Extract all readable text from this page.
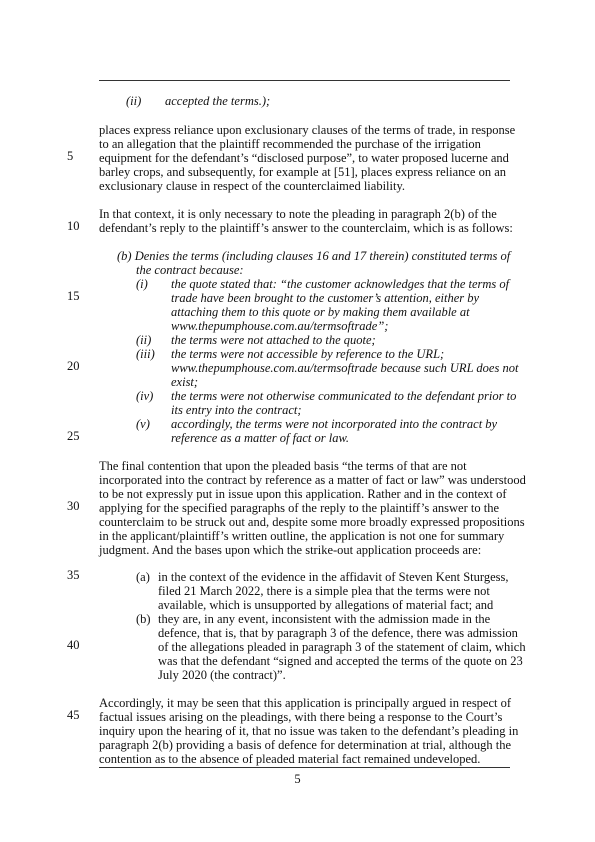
(ii) accepted the terms.);
places express reliance upon exclusionary clauses of the terms of trade, in response
to an allegation that the plaintiff recommended the purchase of the irrigation
equipment for the defendant’s “disclosed purpose”, to water proposed lucerne and
barley crops, and subsequently, for example at [51], places express reliance on an
exclusionary clause in respect of the counterclaimed liability.
In that context, it is only necessary to note the pleading in paragraph 2(b) of the
defendant’s reply to the plaintiff’s answer to the counterclaim, which is as follows:
(b) Denies the terms (including clauses 16 and 17 therein) constituted terms of
the contract because:
(i) the quote stated that: “the customer acknowledges that the terms of
trade have been brought to the customer’s attention, either by
attaching them to this quote or by making them available at
www.thepumphouse.com.au/termsoftrade”;
(ii) the terms were not attached to the quote;
(iii) the terms were not accessible by reference to the URL;
www.thepumphouse.com.au/termsoftrade because such URL does not
exist;
(iv) the terms were not otherwise communicated to the defendant prior to
its entry into the contract;
(v) accordingly, the terms were not incorporated into the contract by
reference as a matter of fact or law.
The final contention that upon the pleaded basis “the terms of that are not
incorporated into the contract by reference as a matter of fact or law” was understood
to be not expressly put in issue upon this application. Rather and in the context of
applying for the specified paragraphs of the reply to the plaintiff’s answer to the
counterclaim to be struck out and, despite some more broadly expressed propositions
in the applicant/plaintiff’s written outline, the application is not one for summary
judgment. And the bases upon which the strike-out application proceeds are:
(a) in the context of the evidence in the affidavit of Steven Kent Sturgess,
filed 21 March 2022, there is a simple plea that the terms were not
available, which is unsupported by allegations of material fact; and
(b) they are, in any event, inconsistent with the admission made in the
defence, that is, that by paragraph 3 of the defence, there was admission
of the allegations pleaded in paragraph 3 of the statement of claim, which
was that the defendant “signed and accepted the terms of the quote on 23
July 2020 (the contract)”.
Accordingly, it may be seen that this application is principally argued in respect of
factual issues arising on the pleadings, with there being a response to the Court’s
inquiry upon the hearing of it, that no issue was taken to the defendant’s pleading in
paragraph 2(b) providing a basis of defence for determination at trial, although the
contention as to the absence of pleaded material fact remained undeveloped.
5
10
15
20
25
30
35
40
45
5
